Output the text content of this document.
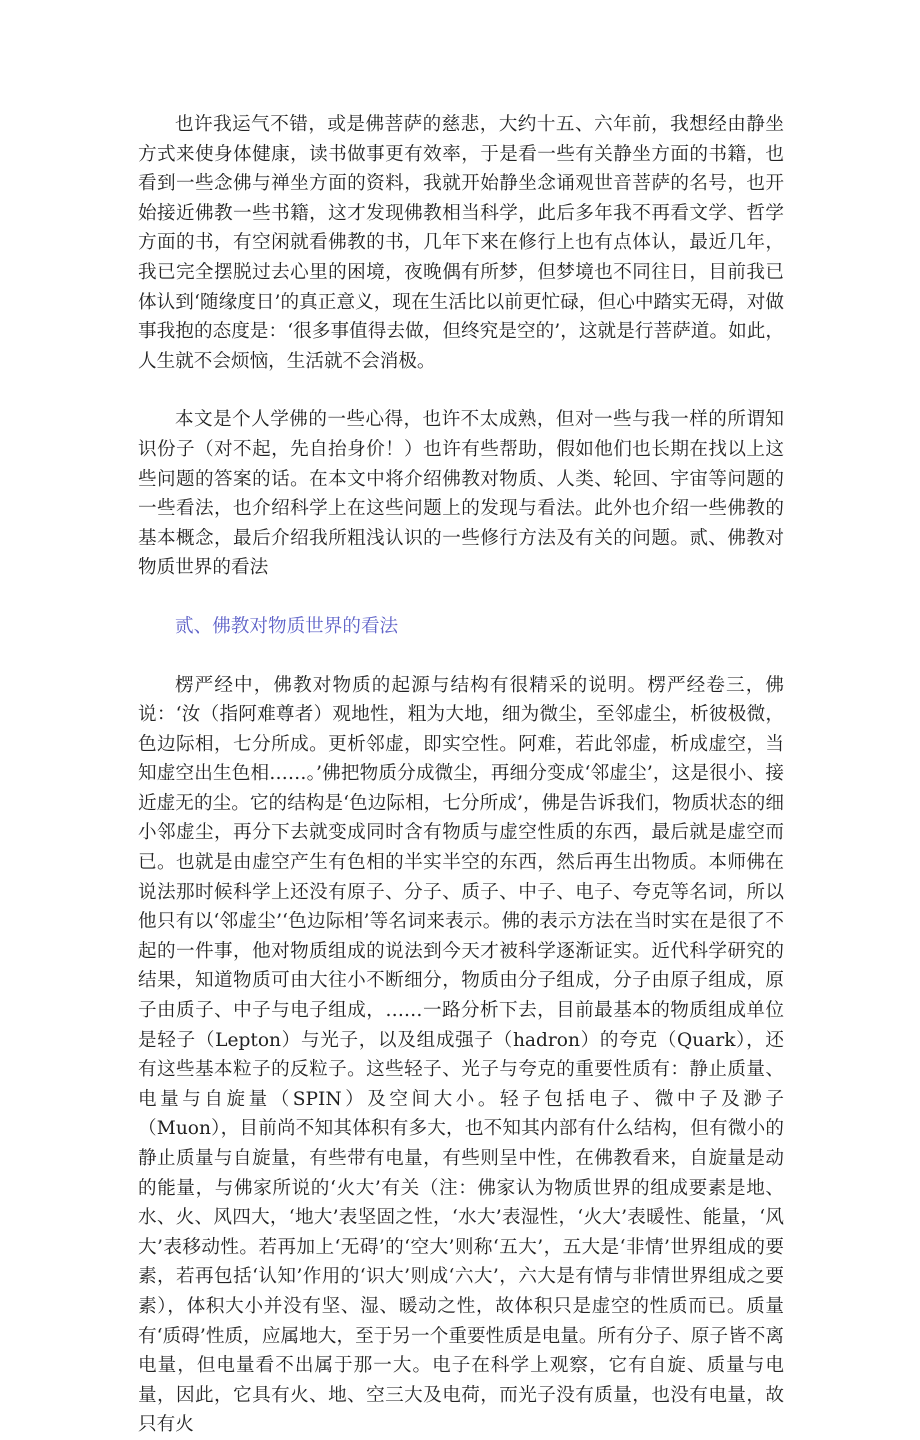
也许我运气不错，或是佛菩萨的慈悲，大约十五、六年前，我想经由静坐方式来使身体健康，读书做事更有效率，于是看一些有关静坐方面的书籍，也看到一些念佛与禅坐方面的资料，我就开始静坐念诵观世音菩萨的名号，也开始接近佛教一些书籍，这才发现佛教相当科学，此后多年我不再看文学、哲学方面的书，有空闲就看佛教的书，几年下来在修行上也有点体认，最近几年，我已完全摆脱过去心里的困境，夜晚偶有所梦，但梦境也不同往日，目前我已体认到‘随缘度日’的真正意义，现在生活比以前更忙碌，但心中踏实无碍，对做事我抱的态度是：‘很多事值得去做，但终究是空的’，这就是行菩萨道。如此，人生就不会烦恼，生活就不会消极。

本文是个人学佛的一些心得，也许不太成熟，但对一些与我一样的所谓知识份子（对不起，先自抬身价！）也许有些帮助，假如他们也长期在找以上这些问题的答案的话。在本文中将介绍佛教对物质、人类、轮回、宇宙等问题的一些看法，也介绍科学上在这些问题上的发现与看法。此外也介绍一些佛教的基本概念，最后介绍我所粗浅认识的一些修行方法及有关的问题。贰、佛教对物质世界的看法

贰、佛教对物质世界的看法

楞严经中，佛教对物质的起源与结构有很精采的说明。楞严经卷三，佛说：‘汝（指阿难尊者）观地性，粗为大地，细为微尘，至邻虚尘，析彼极微，色边际相，七分所成。更析邻虚，即实空性。阿难，若此邻虚，析成虚空，当知虚空出生色相……。’佛把物质分成微尘，再细分变成‘邻虚尘’，这是很小、接近虚无的尘。它的结构是‘色边际相，七分所成’，佛是告诉我们，物质状态的细小邻虚尘，再分下去就变成同时含有物质与虚空性质的东西，最后就是虚空而已。也就是由虚空产生有色相的半实半空的东西，然后再生出物质。本师佛在说法那时候科学上还没有原子、分子、质子、中子、电子、夸克等名词，所以他只有以‘邻虚尘’‘色边际相’等名词来表示。佛的表示方法在当时实在是很了不起的一件事，他对物质组成的说法到今天才被科学逐渐证实。近代科学研究的结果，知道物质可由大往小不断细分，物质由分子组成，分子由原子组成，原子由质子、中子与电子组成，……一路分析下去，目前最基本的物质组成单位是轻子（Lepton）与光子，以及组成强子（hadron）的夸克（Quark），还有这些基本粒子的反粒子。这些轻子、光子与夸克的重要性质有：静止质量、电量与自旋量（SPIN）及空间大小。轻子包括电子、微中子及渺子（Muon），目前尚不知其体积有多大，也不知其内部有什么结构，但有微小的静止质量与自旋量，有些带有电量，有些则呈中性，在佛教看来，自旋量是动的能量，与佛家所说的‘火大’有关（注：佛家认为物质世界的组成要素是地、水、火、风四大，‘地大’表坚固之性，‘水大’表湿性，‘火大’表暖性、能量，‘风大’表移动性。若再加上‘无碍’的‘空大’则称‘五大’，五大是‘非情’世界组成的要素，若再包括‘认知’作用的‘识大’则成‘六大’，六大是有情与非情世界组成之要素），体积大小并没有坚、湿、暖动之性，故体积只是虚空的性质而已。质量有‘质碍’性质，应属地大，至于另一个重要性质是电量。所有分子、原子皆不离电量，但电量看不出属于那一大。电子在科学上观察，它有自旋、质量与电量，因此，它具有火、地、空三大及电荷，而光子没有质量，也没有电量，故只有火
